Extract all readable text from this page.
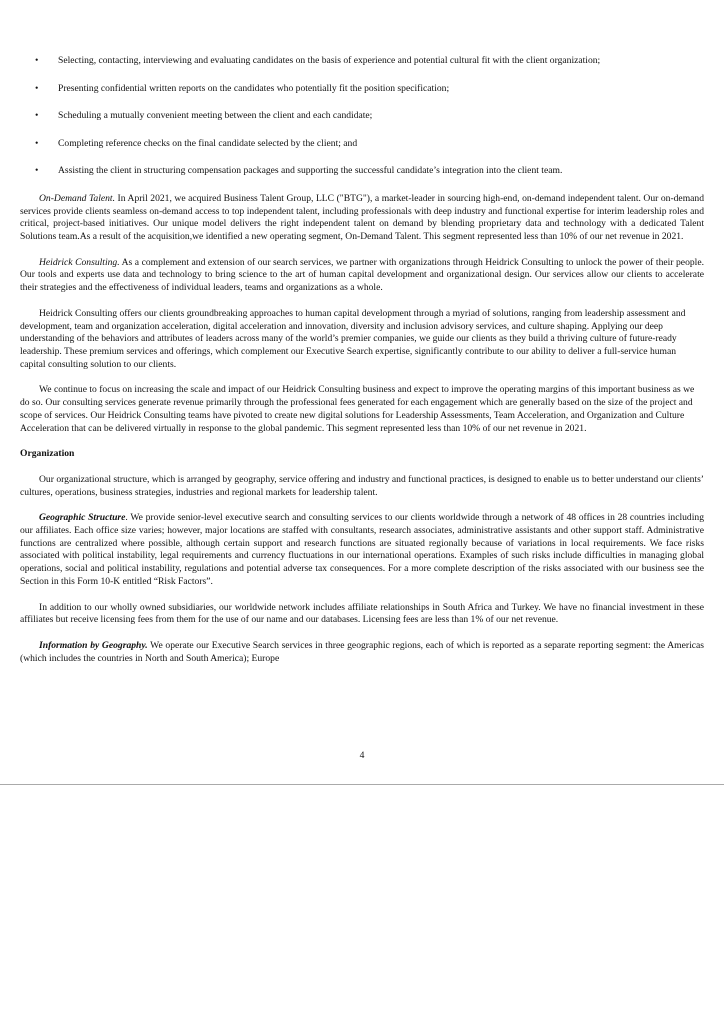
• Selecting, contacting, interviewing and evaluating candidates on the basis of experience and potential cultural fit with the client organization;
• Presenting confidential written reports on the candidates who potentially fit the position specification;
• Scheduling a mutually convenient meeting between the client and each candidate;
• Completing reference checks on the final candidate selected by the client; and
• Assisting the client in structuring compensation packages and supporting the successful candidate’s integration into the client team.

On-Demand Talent. In April 2021, we acquired Business Talent Group, LLC ("BTG"), a market-leader in sourcing high-end, on-demand independent talent. Our on-demand services provide clients seamless on-demand access to top independent talent, including professionals with deep industry and functional expertise for interim leadership roles and critical, project-based initiatives. Our unique model delivers the right independent talent on demand by blending proprietary data and technology with a dedicated Talent Solutions team.As a result of the acquisition,we identified a new operating segment, On-Demand Talent. This segment represented less than 10% of our net revenue in 2021.

Heidrick Consulting. As a complement and extension of our search services, we partner with organizations through Heidrick Consulting to unlock the power of their people. Our tools and experts use data and technology to bring science to the art of human capital development and organizational design. Our services allow our clients to accelerate their strategies and the effectiveness of individual leaders, teams and organizations as a whole.

Heidrick Consulting offers our clients groundbreaking approaches to human capital development through a myriad of solutions, ranging from leadership assessment and development, team and organization acceleration, digital acceleration and innovation, diversity and inclusion advisory services, and culture shaping. Applying our deep understanding of the behaviors and attributes of leaders across many of the world’s premier companies, we guide our clients as they build a thriving culture of future-ready leadership. These premium services and offerings, which complement our Executive Search expertise, significantly contribute to our ability to deliver a full-service human capital consulting solution to our clients.

We continue to focus on increasing the scale and impact of our Heidrick Consulting business and expect to improve the operating margins of this important business as we do so. Our consulting services generate revenue primarily through the professional fees generated for each engagement which are generally based on the size of the project and scope of services. Our Heidrick Consulting teams have pivoted to create new digital solutions for Leadership Assessments, Team Acceleration, and Organization and Culture Acceleration that can be delivered virtually in response to the global pandemic. This segment represented less than 10% of our net revenue in 2021.

Organization

Our organizational structure, which is arranged by geography, service offering and industry and functional practices, is designed to enable us to better understand our clients’ cultures, operations, business strategies, industries and regional markets for leadership talent.

Geographic Structure. We provide senior-level executive search and consulting services to our clients worldwide through a network of 48 offices in 28 countries including our affiliates. Each office size varies; however, major locations are staffed with consultants, research associates, administrative assistants and other support staff. Administrative functions are centralized where possible, although certain support and research functions are situated regionally because of variations in local requirements. We face risks associated with political instability, legal requirements and currency fluctuations in our international operations. Examples of such risks include difficulties in managing global operations, social and political instability, regulations and potential adverse tax consequences. For a more complete description of the risks associated with our business see the Section in this Form 10-K entitled “Risk Factors”.

In addition to our wholly owned subsidiaries, our worldwide network includes affiliate relationships in South Africa and Turkey. We have no financial investment in these affiliates but receive licensing fees from them for the use of our name and our databases. Licensing fees are less than 1% of our net revenue.

Information by Geography. We operate our Executive Search services in three geographic regions, each of which is reported as a separate reporting segment: the Americas (which includes the countries in North and South America); Europe

4
